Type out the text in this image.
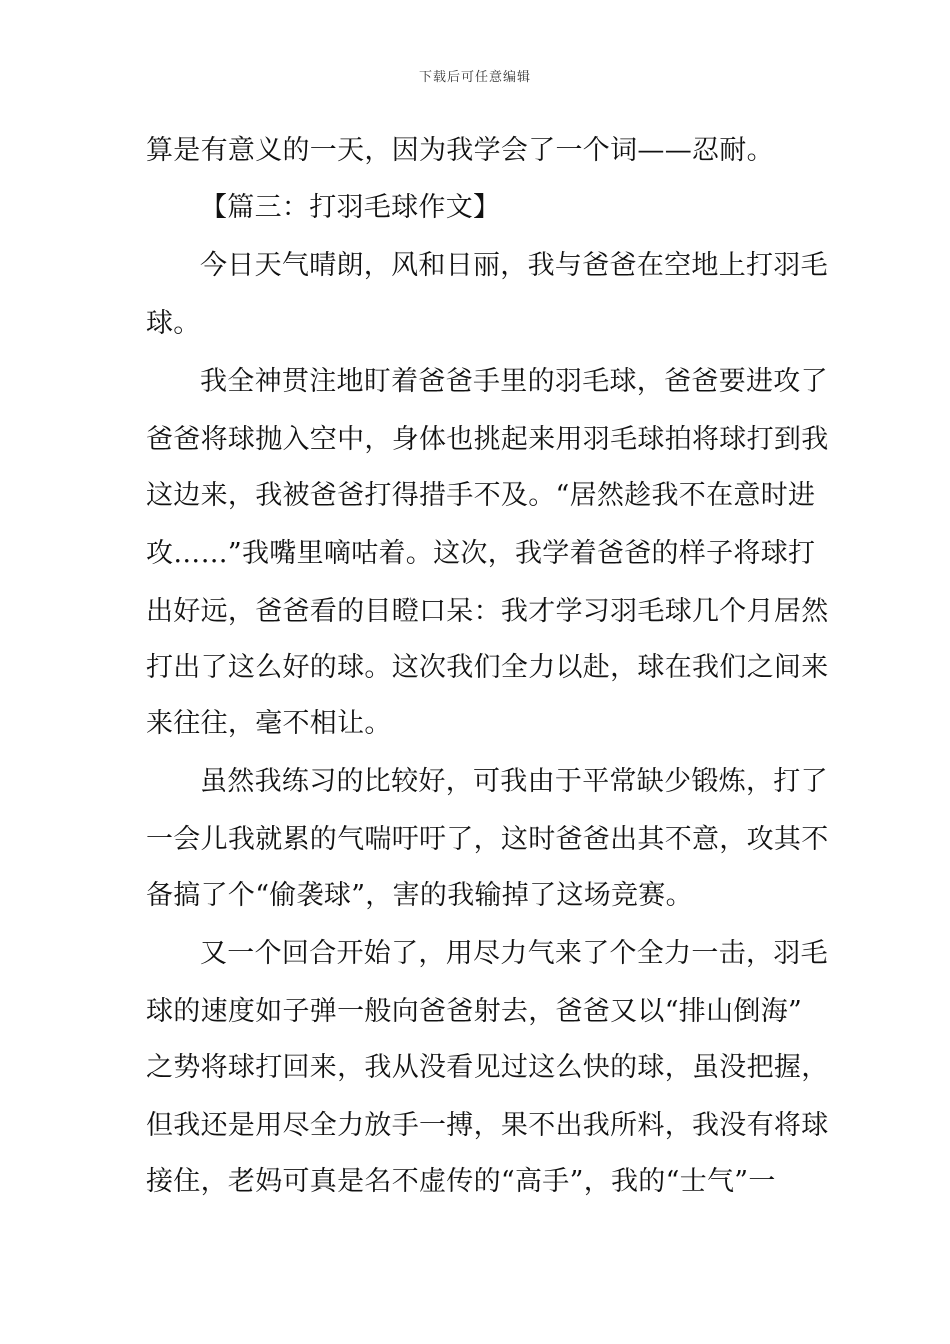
下载后可任意编辑
算是有意义的一天，因为我学会了一个词——忍耐。
【篇三：打羽毛球作文】
今日天气晴朗，风和日丽，我与爸爸在空地上打羽毛
球。
我全神贯注地盯着爸爸手里的羽毛球，爸爸要进攻了
爸爸将球抛入空中，身体也挑起来用羽毛球拍将球打到我
这边来，我被爸爸打得措手不及。“居然趁我不在意时进
攻……”我嘴里嘀咕着。这次，我学着爸爸的样子将球打
出好远，爸爸看的目瞪口呆：我才学习羽毛球几个月居然
打出了这么好的球。这次我们全力以赴，球在我们之间来
来往往，毫不相让。
虽然我练习的比较好，可我由于平常缺少锻炼，打了
一会儿我就累的气喘吁吁了，这时爸爸出其不意，攻其不
备搞了个“偷袭球”，害的我输掉了这场竞赛。
又一个回合开始了，用尽力气来了个全力一击，羽毛
球的速度如子弹一般向爸爸射去，爸爸又以“排山倒海”
之势将球打回来，我从没看见过这么快的球，虽没把握，
但我还是用尽全力放手一搏，果不出我所料，我没有将球
接住，老妈可真是名不虚传的“高手”，我的“士气”一
